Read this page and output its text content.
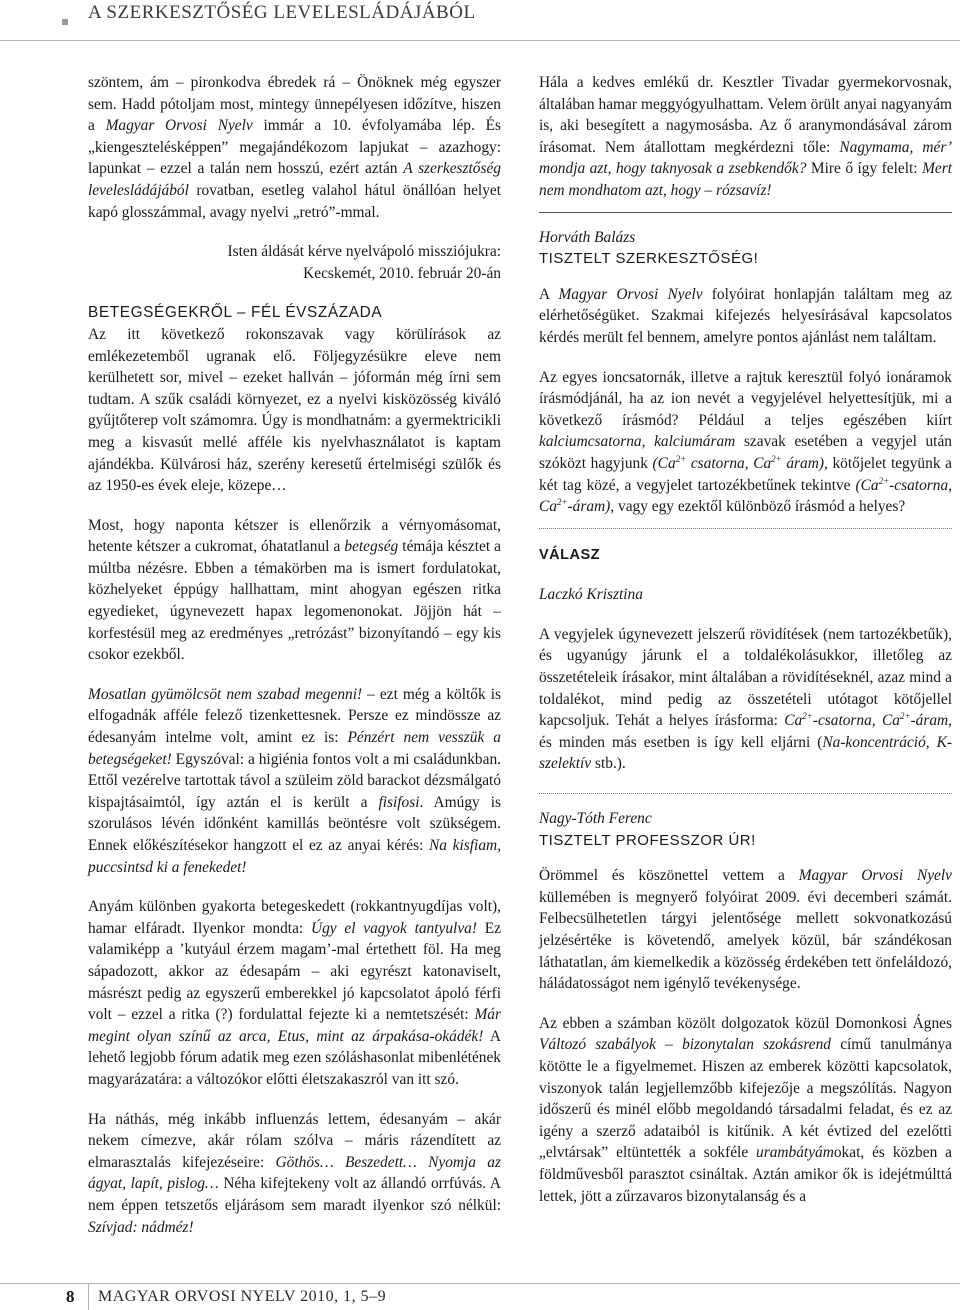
A SZERKESZTŐSÉG LEVELESLÁDÁJÁBÓL

szöntem, ám – pironkodva ébredek rá – Önöknek még egyszer sem. Hadd pótoljam most, mintegy ünnepélyesen időzítve, hiszen a Magyar Orvosi Nyelv immár a 10. évfolyamába lép. És „kiengesztelésképpen” megajándékozom lapjukat – azazhogy: lapunkat – ezzel a talán nem hosszú, ezért aztán A szerkesztőség levelesládájából rovatban, esetleg valahol hátul önállóan helyet kapó glosszámmal, avagy nyelvi „retró”-mmal.

Isten áldását kérve nyelvápoló missziójukra:
Kecskemét, 2010. február 20-án
BETEGSÉGEKRŐL – FÉL ÉVSZÁZADA

Az itt következő rokonszavak vagy körülírások az emlékezetemből ugranak elő. Följegyzésükre eleve nem kerülhetett sor, mivel – ezeket hallván – jóformán még írni sem tudtam. A szűk családi környezet, ez a nyelvi kisközösség kiváló gyűjtőterep volt számomra. Úgy is mondhatnám: a gyermektricikli meg a kisvasút mellé afféle kis nyelvhasználatot is kaptam ajándékba. Külvárosi ház, szerény keresetű értelmiségi szülők és az 1950-es évek eleje, közepe…

Most, hogy naponta kétszer is ellenőrzik a vérnyomásomat, hetente kétszer a cukromat, óhatatlanul a betegség témája késztet a múltba nézésre. Ebben a témakörben ma is ismert fordulatokat, közhelyeket éppúgy hallhattam, mint ahogyan egészen ritka egyedieket, úgynevezett hapax legomenonokat. Jöjjön hát – korfestésül meg az eredményes „retrózást” bizonyítandó – egy kis csokor ezekből.

Mosatlan gyümölcsöt nem szabad megenni! – ezt még a költők is elfogadnák afféle felező tizenkettesnek. Persze ez mindössze az édesanyám intelme volt, amint ez is: Pénzért nem vesszük a betegségeket! Egyszóval: a higiénia fontos volt a mi családunkban. Ettől vezérelve tartottak távol a szüleim zöld barackot dézsmálgató kispajtásaimtól, így aztán el is került a fisifosi. Amúgy is szorulásos lévén időnként kamillás beöntésre volt szükségem. Ennek előkészítésekor hangzott el ez az anyai kérés: Na kisfiam, puccsintsd ki a fenekedet!

Anyám különben gyakorta betegeskedett (rokkantnyugdíjas volt), hamar elfáradt. Ilyenkor mondta: Úgy el vagyok tantyulva! Ez valamiképp a ’kutyául érzem magam’-mal értethett föl. Ha meg sápadozott, akkor az édesapám – aki egyrészt katonaviselt, másrészt pedig az egyszerű emberekkel jó kapcsolatot ápoló férfi volt – ezzel a ritka (?) fordulattal fejezte ki a nemtetszését: Már megint olyan színű az arca, Etus, mint az árpakása-okádék! A lehető legjobb fórum adatik meg ezen szóláshasonlat mibenlétének magyarázatára: a változókor előtti életszakaszról van itt szó.

Ha náthás, még inkább influenzás lettem, édesanyám – akár nekem címezve, akár rólam szólva – máris rázendített az elmarasztalás kifejezéseire: Göthös… Beszedett… Nyomja az ágyat, lapít, pislog… Néha kifejtekeny volt az állandó orrfúvás. A nem éppen tetszetős eljárásom sem maradt ilyenkor szó nélkül: Szívjad: nádméz!

Hála a kedves emlékű dr. Kesztler Tivadar gyermekorvosnak, általában hamar meggyógyulhattam. Velem örült anyai nagyanyám is, aki besegített a nagymosásba. Az ő aranymondásával zárom írásomat. Nem átallottam megkérdezni tőle: Nagymama, mér’ mondja azt, hogy taknyosak a zsebkendők? Mire ő így felelt: Mert nem mondhatom azt, hogy – rózsavíz!

Horváth Balázs
TISZTELT SZERKESZTŐSÉG!

A Magyar Orvosi Nyelv folyóirat honlapján találtam meg az elérhetőségüket. Szakmai kifejezés helyesírásával kapcsolatos kérdés merült fel bennem, amelyre pontos ajánlást nem találtam.

Az egyes ioncsatornák, illetve a rajtuk keresztül folyó ionáramok írásmódjánál, ha az ion nevét a vegyjelével helyettesítjük, mi a következő írásmód? Például a teljes egészében kiírt kalciumcsatorna, kalciumáram szavak esetében a vegyjel után szóközt hagyjunk ($Ca^{2+}$ csatorna, $Ca^{2+}$ áram), kötőjelet tegyünk a két tag közé, a vegyjelet tartozékbetűnek tekintve ($Ca^{2+}$-csatorna, $Ca^{2+}-áram$), vagy egy ezektől különböző írásmód a helyes?

VÁLASZ

Laczkó Krisztina

A vegyjelek úgynevezett jelszerű rövidítések (nem tartozékbetűk), és ugyanúgy járunk el a toldalékolásukkor, illetőleg az összetételeik írásakor, mint általában a rövidítéseknél, azaz mind a toldalékot, mind pedig az összetételi utótagot kötőjellel kapcsoljuk. Tehát a helyes írásforma: $Ca^{2+}$-csatorna, $Ca^{2+}$-áram, és minden más esetben is így kell eljárni (Na-koncentráció, K-szelektív stb.).

Nagy-Tóth Ferenc
TISZTELT PROFESSZOR ÚR!

Örömmel és köszönettel vettem a Magyar Orvosi Nyelv küllemében is megnyerő folyóirat 2009. évi decemberi számát. Felbecsülhetetlen tárgyi jelentősége mellett sokvonatkozású jelzésértéke is követendő, amelyek közül, bár szándékosan láthatatlan, ám kiemelkedik a közösség érdekében tett önfeláldozó, háládatosságot nem igénylő tevékenysége.

Az ebben a számban közölt dolgozatok közül Domonkosi Ágnes Változó szabályok – bizonytalan szokásrend című tanulmánya kötötte le a figyelmemet. Hiszen az emberek közötti kapcsolatok, viszonyok talán legjellemzőbb kifejezője a megszólítás. Nagyon időszerű és minél előbb megoldandó társadalmi feladat, és ez az igény a szerző adataiból is kitűnik. A két évtized del ezelőtti „elvtársak” eltüntették a sokféle urambátyámokat, és közben a földművesből parasztot csináltak. Aztán amikor ők is idejétmúlttá lettek, jött a zűrzavaros bizonytalanság és a

8 MAGYAR ORVOSI NYELV 2010, 1, 5–9
